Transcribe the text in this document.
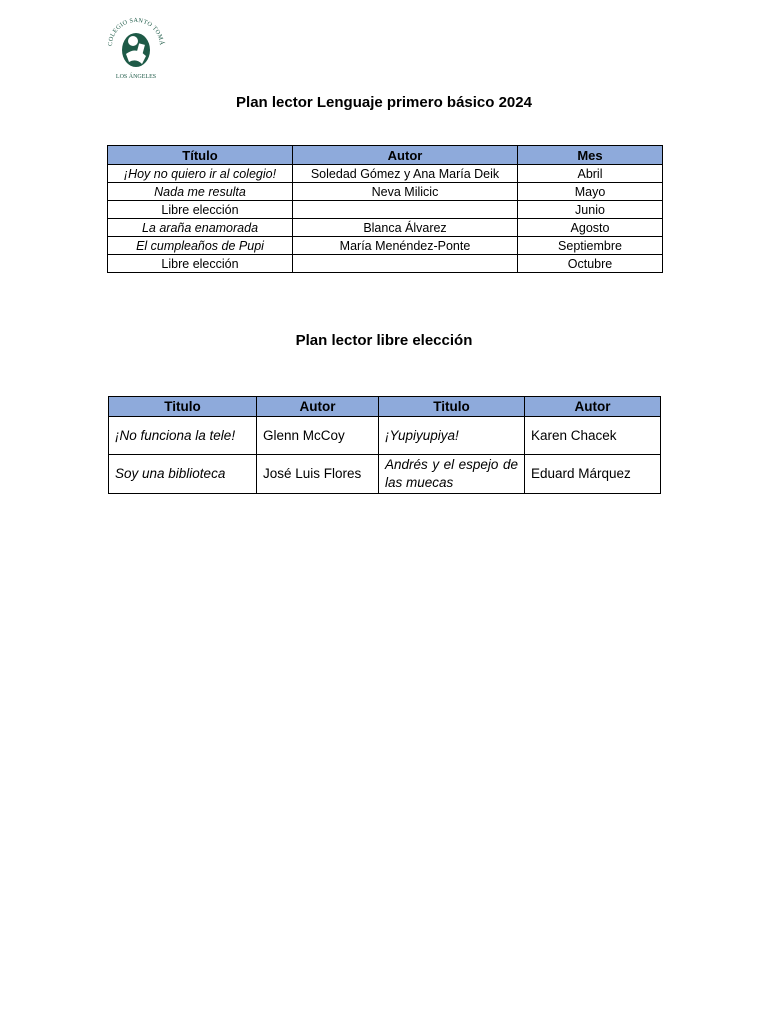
COLEGIO SANTO TOMÁ
LOS ÁNGELES
Plan lector Lenguaje primero básico 2024
Título	Autor	Mes
¡Hoy no quiero ir al colegio!	Soledad Gómez y Ana María Deik	Abril
Nada me resulta	Neva Milicic	Mayo
Libre elección		Junio
La araña enamorada	Blanca Álvarez	Agosto
El cumpleaños de Pupi	María Menéndez-Ponte	Septiembre
Libre elección		Octubre
Plan lector libre elección
Titulo	Autor	Titulo	Autor
¡No funciona la tele!	Glenn McCoy	¡Yupiyupiya!	Karen Chacek
Soy una biblioteca	José Luis Flores	Andrés y el espejo de las muecas	Eduard Márquez
